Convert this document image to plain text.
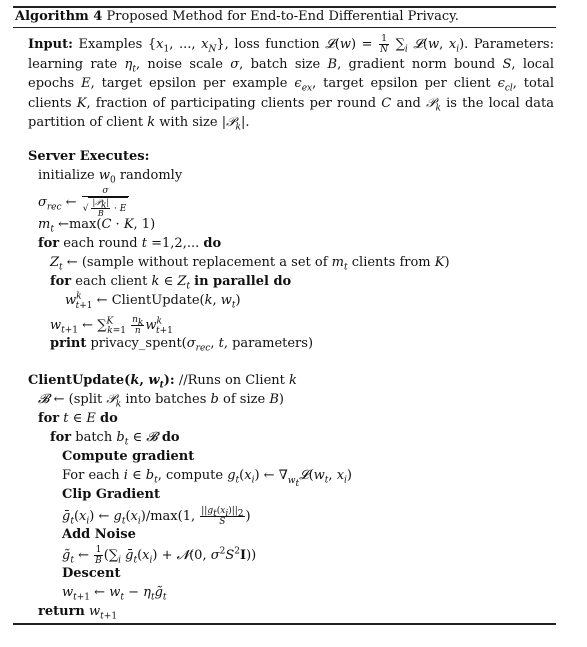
Algorithm 4 Proposed Method for End-to-End Differential Privacy.
Input: Examples {$x_1$, ..., $x_N$}, loss function 𝓛(w) = $\frac{1}{N} \sum_i$ 𝓛(w, $x_i$). Parameters: learning rate $\eta_t$, noise scale σ, batch size B, gradient norm bound S, local epochs E, target epsilon per example $\epsilon_{ex}$, target epsilon per client $\epsilon_{cl}$, total clients K, fraction of participating clients per round C and 𝒫$_k$ is the local data partition of client k with size |𝒫$_k$|.
Server Executes:
initialize $w_0$ randomly
$\sigma_{rec}$ ← $\frac{\sigma}{√ \frac{|𝒫_k|}{B} \cdot E}$
$m_t$ ←max(C · K, 1)
for each round t =1,2,... do
$Z_t$ ← (sample without replacement a set of $m_t$ clients from K)
for each client k ∈ $Z_t$ in parallel do
$w^k_{t+1}$ ← ClientUpdate(k, $w_t$)
$w_{t+1}$ ← $\sum^K_{k=1} \frac{n_k}{n} w^k_{t+1}$
print $privacy\_spent(\sigma_{rec}$, t, parameters)
ClientUpdate(k, $w_t$): //Runs on Client k
𝓑 ← (split 𝒫$_k$ into batches b of size B)
for t ∈ E do
for batch $b_t$ ∈ 𝓑 do
Compute gradient
For each i ∈ $b_t$, compute $g_t(x_i)$ ← $\nabla_{w_t}𝓛(w_t$, $x_i$)
Clip Gradient
$ḡ_t(x_i)$ ← $g_t(x_i)/\max(1$, $\frac{||g_t(x_i)||_2}{S}$ )
Add Noise
$g̃_t$ ← $\frac{1}{B} (\sum_i$ $ḡ_t(x_i)$ + 𝓝(0, $\sigma^2S^2I$))
Descent
$w_{t+1}$ ← $w_t$ − $\eta_tg̃_t$
return $w_{t+1}$
